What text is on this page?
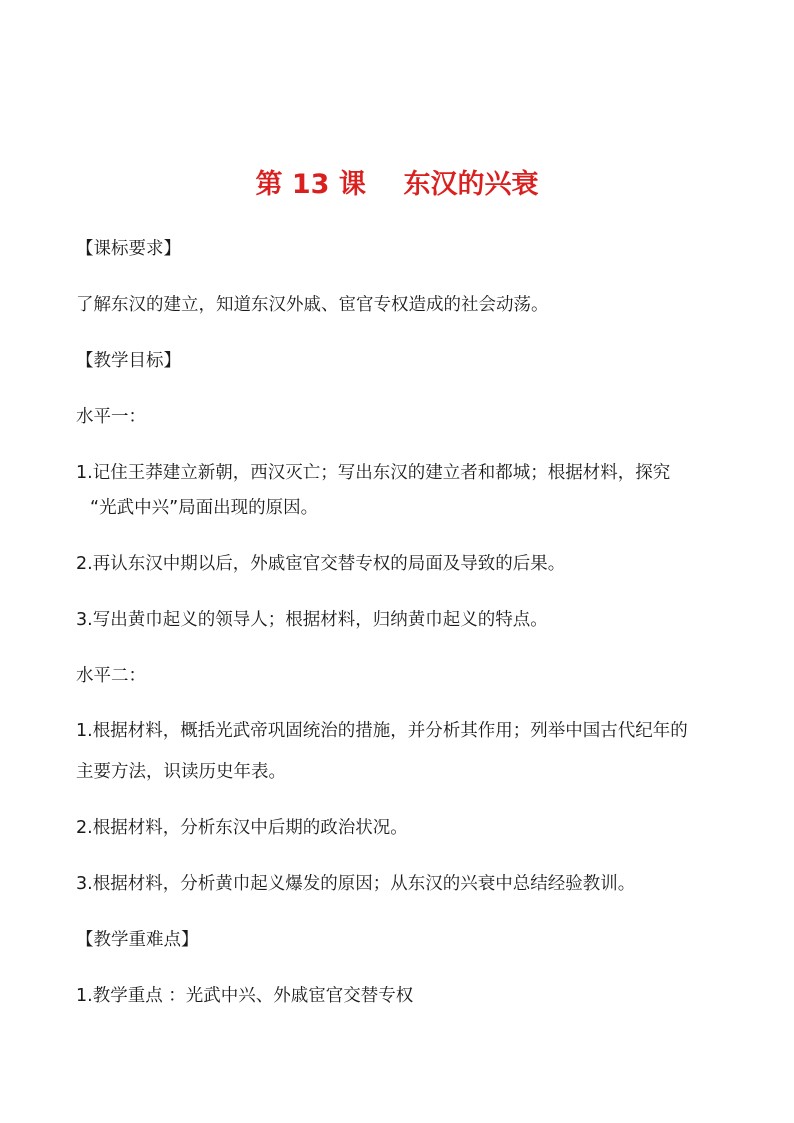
第 13 课    东汉的兴衰
【课标要求】
了解东汉的建立，知道东汉外戚、宦官专权造成的社会动荡。
【教学目标】
水平一：
1.记住王莽建立新朝，西汉灭亡；写出东汉的建立者和都城；根据材料，探究
“光武中兴”局面出现的原因。
2.再认东汉中期以后，外戚宦官交替专权的局面及导致的后果。
3.写出黄巾起义的领导人；根据材料，归纳黄巾起义的特点。
水平二：
1.根据材料，概括光武帝巩固统治的措施，并分析其作用；列举中国古代纪年的
主要方法，识读历史年表。
2.根据材料，分析东汉中后期的政治状况。
3.根据材料，分析黄巾起义爆发的原因；从东汉的兴衰中总结经验教训。
【教学重难点】
1.教学重点 ：光武中兴、外戚宦官交替专权
